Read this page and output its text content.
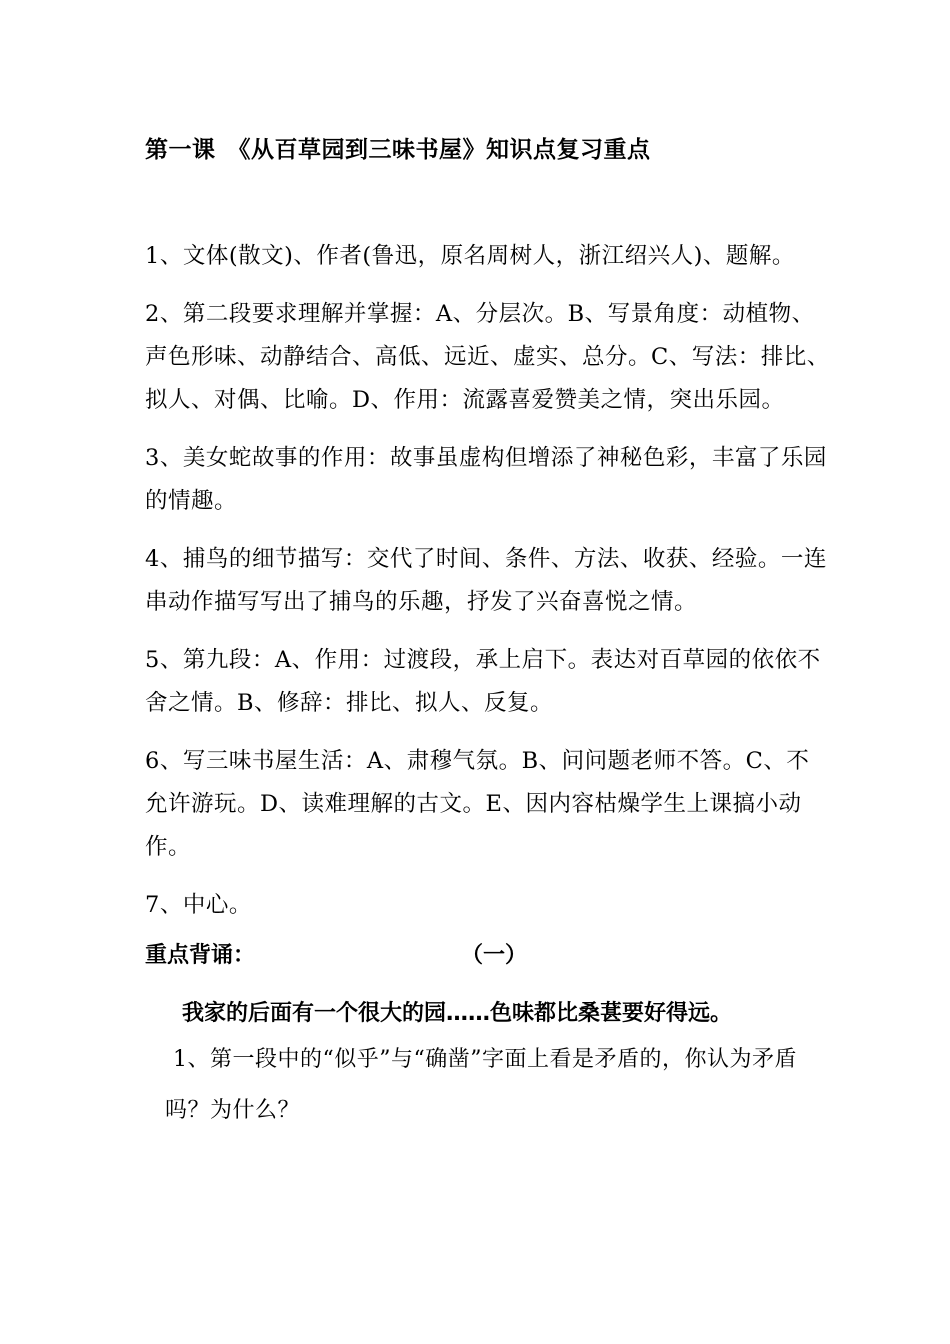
第一课　《从百草园到三味书屋》知识点复习重点

1、文体(散文)、作者(鲁迅，原名周树人，浙江绍兴人)、题解。

2、第二段要求理解并掌握：A、分层次。B、写景角度：动植物、声色形味、动静结合、高低、远近、虚实、总分。C、写法：排比、拟人、对偶、比喻。D、作用：流露喜爱赞美之情，突出乐园。

3、美女蛇故事的作用：故事虽虚构但增添了神秘色彩，丰富了乐园的情趣。

4、捕鸟的细节描写：交代了时间、条件、方法、收获、经验。一连串动作描写写出了捕鸟的乐趣，抒发了兴奋喜悦之情。

5、第九段：A、作用：过渡段，承上启下。表达对百草园的依依不舍之情。B、修辞：排比、拟人、反复。

6、写三味书屋生活：A、肃穆气氛。B、问问题老师不答。C、不允许游玩。D、读难理解的古文。E、因内容枯燥学生上课搞小动作。

7、中心。

重点背诵：	（一）
我家的后面有一个很大的园……色味都比桑葚要好得远。
1、第一段中的“似乎”与“确凿”字面上看是矛盾的，你认为矛盾吗？为什么？
